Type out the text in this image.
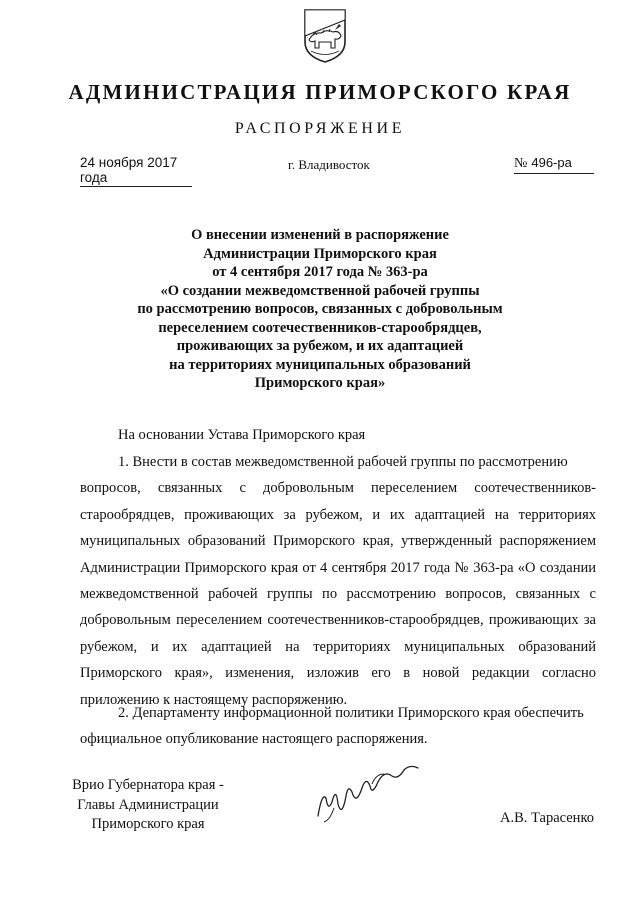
АДМИНИСТРАЦИЯ ПРИМОРСКОГО КРАЯ
РАСПОРЯЖЕНИЕ
24 ноября 2017 года
г. Владивосток	№ 496-ра
О внесении изменений в распоряжение
Администрации Приморского края
от 4 сентября 2017 года № 363-ра
«О создании межведомственной рабочей группы
по рассмотрению вопросов, связанных с добровольным
переселением соотечественников-старообрядцев,
проживающих за рубежом, и их адаптацией
на территориях муниципальных образований
Приморского края»
На основании Устава Приморского края
1. Внести в состав межведомственной рабочей группы по рассмотрению
вопросов, связанных с добровольным переселением соотечественников-старообрядцев, проживающих за рубежом, и их адаптацией на территориях муниципальных образований Приморского края, утвержденный распоряжением Администрации Приморского края от 4 сентября 2017 года № 363-ра «О создании межведомственной рабочей группы по рассмотрению вопросов, связанных с добровольным переселением соотечественников-старообрядцев, проживающих за рубежом, и их адаптацией на территориях муниципальных образований Приморского края», изменения, изложив его в новой редакции согласно приложению к настоящему распоряжению.
2. Департаменту информационной политики Приморского края обеспечить
официальное опубликование настоящего распоряжения.
Врио Губернатора края -
Главы Администрации
Приморского края	А.В. Тарасенко
